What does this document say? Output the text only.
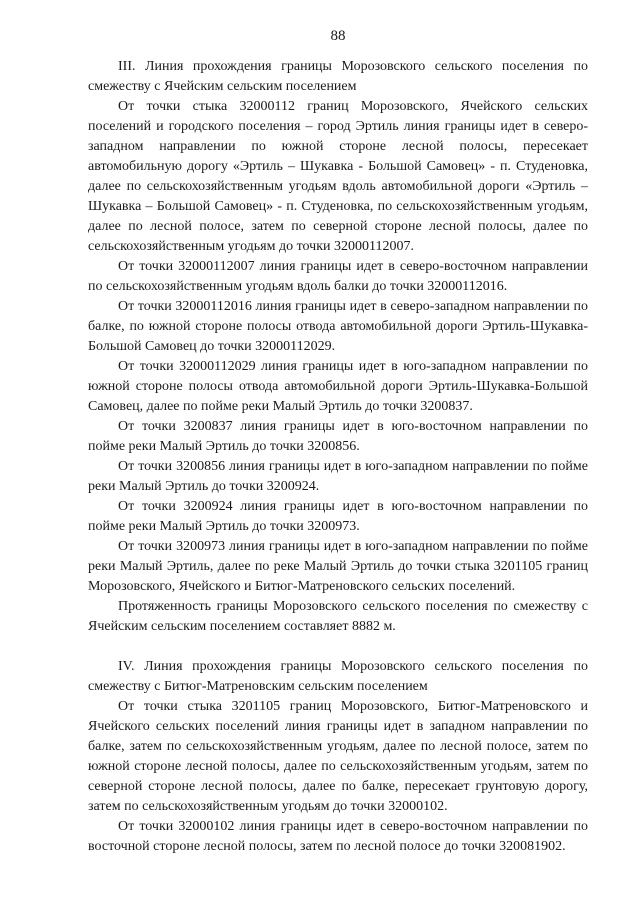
88

III. Линия прохождения границы Морозовского сельского поселения по смежеству с Ячейским сельским поселением

От точки стыка 32000112 границ Морозовского, Ячейского сельских поселений и городского поселения – город Эртиль линия границы идет в северо-западном направлении по южной стороне лесной полосы, пересекает автомобильную дорогу «Эртиль – Шукавка - Большой Самовец» - п. Студеновка, далее по сельскохозяйственным угодьям вдоль автомобильной дороги «Эртиль – Шукавка – Большой Самовец» - п. Студеновка, по сельскохозяйственным угодьям, далее по лесной полосе, затем по северной стороне лесной полосы, далее по сельскохозяйственным угодьям до точки 32000112007.

От точки 32000112007 линия границы идет в северо-восточном направлении по сельскохозяйственным угодьям вдоль балки до точки 32000112016.

От точки 32000112016 линия границы идет в северо-западном направлении по балке, по южной стороне полосы отвода автомобильной дороги Эртиль-Шукавка-Большой Самовец до точки 32000112029.

От точки 32000112029 линия границы идет в юго-западном направлении по южной стороне полосы отвода автомобильной дороги Эртиль-Шукавка-Большой Самовец, далее по пойме реки Малый Эртиль до точки 3200837.

От точки 3200837 линия границы идет в юго-восточном направлении по пойме реки Малый Эртиль до точки 3200856.

От точки 3200856 линия границы идет в юго-западном направлении по пойме реки Малый Эртиль до точки 3200924.

От точки 3200924 линия границы идет в юго-восточном направлении по пойме реки Малый Эртиль до точки 3200973.

От точки 3200973 линия границы идет в юго-западном направлении по пойме реки Малый Эртиль, далее по реке Малый Эртиль до точки стыка 3201105 границ Морозовского, Ячейского и Битюг-Матреновского сельских поселений.

Протяженность границы Морозовского сельского поселения по смежеству с Ячейским сельским поселением составляет 8882 м.

IV. Линия прохождения границы Морозовского сельского поселения по смежеству с Битюг-Матреновским сельским поселением

От точки стыка 3201105 границ Морозовского, Битюг-Матреновского и Ячейского сельских поселений линия границы идет в западном направлении по балке, затем по сельскохозяйственным угодьям, далее по лесной полосе, затем по южной стороне лесной полосы, далее по сельскохозяйственным угодьям, затем по северной стороне лесной полосы, далее по балке, пересекает грунтовую дорогу, затем по сельскохозяйственным угодьям до точки 32000102.

От точки 32000102 линия границы идет в северо-восточном направлении по восточной стороне лесной полосы, затем по лесной полосе до точки 320081902.
